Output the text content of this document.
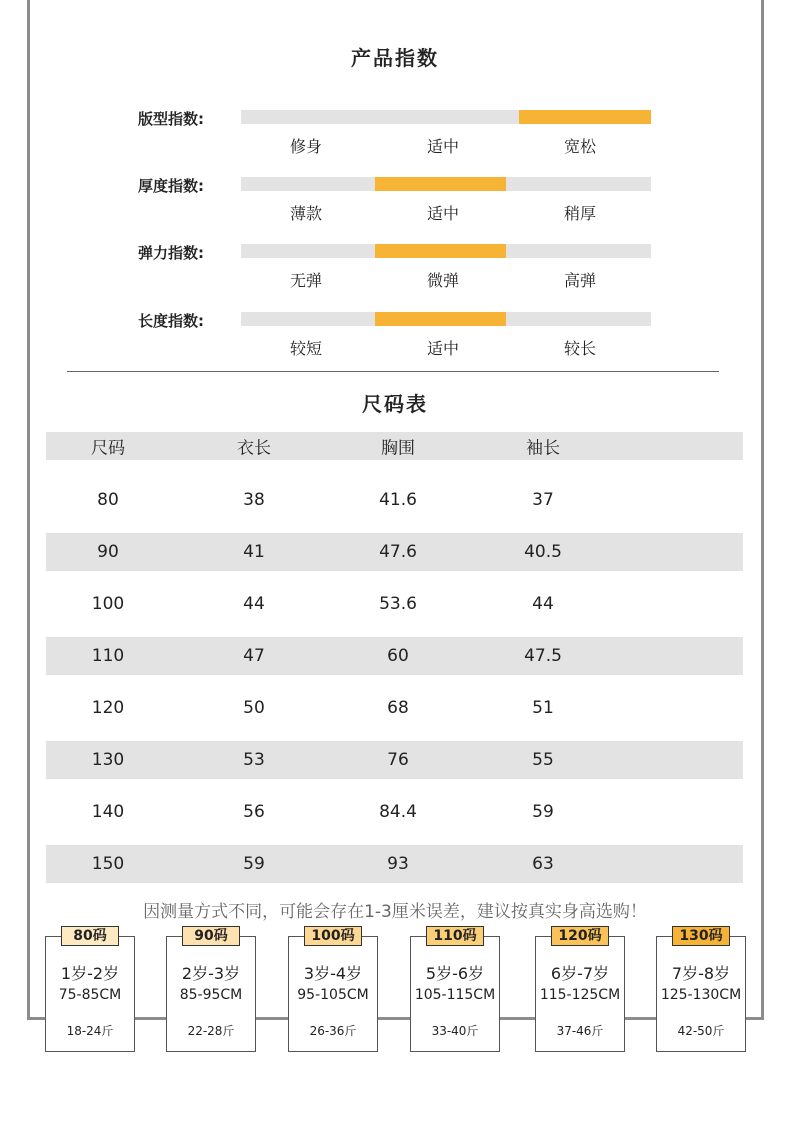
产品指数
版型指数:
修身	适中	宽松
厚度指数:
薄款	适中	稍厚
弹力指数:
无弹	微弹	高弹
长度指数:
较短	适中	较长
尺码表
尺码	衣长	胸围	袖长
80	38	41.6	37
90	41	47.6	40.5
100	44	53.6	44
110	47	60	47.5
120	50	68	51
130	53	76	55
140	56	84.4	59
150	59	93	63
因测量方式不同，可能会存在1-3厘米误差，建议按真实身高选购！
1岁-2岁
75-85CM
18-24斤
80码
2岁-3岁
85-95CM
22-28斤
90码
3岁-4岁
95-105CM
26-36斤
100码
5岁-6岁
105-115CM
33-40斤
110码
6岁-7岁
115-125CM
37-46斤
120码
7岁-8岁
125-130CM
42-50斤
130码
